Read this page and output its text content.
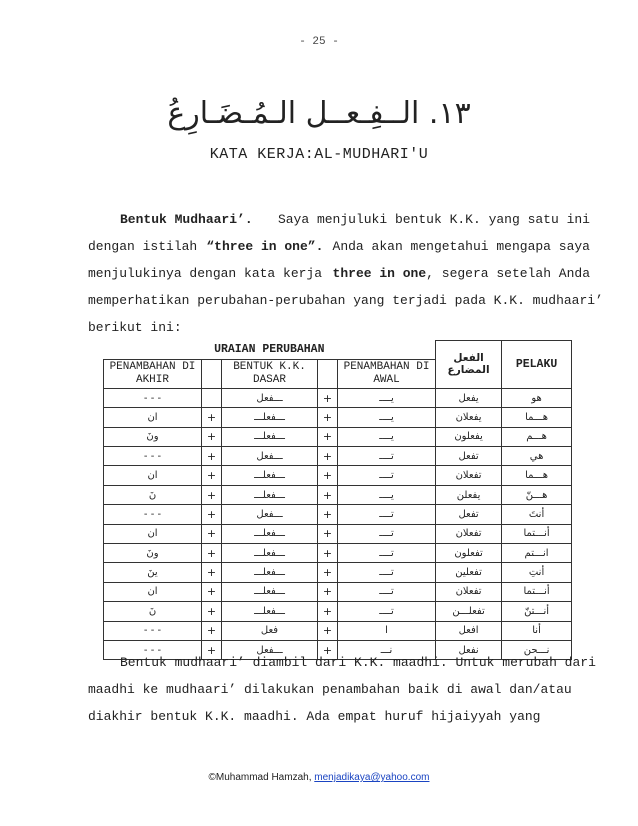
- 25 -
١٣. الــفِـعــل الـمُـضَـارِعُ
KATA KERJA:AL-MUDHARI'U
Bentuk Mudhaari’. Saya menjuluki bentuk K.K. yang satu ini
dengan istilah “three in one”. Anda akan mengetahui mengapa saya
menjulukinya dengan kata kerja three in one, segera setelah Anda
memperhatikan perubahan-perubahan yang terjadi pada K.K. mudhaari’
berikut ini:
URAIAN PERUBAHAN					الفعل المضارع	PELAKU
PENAMBAHAN DI AKHIR		BENTUK K.K. DASAR		PENAMBAHAN DI AWAL		
- - -		ـــفعل	+	يــــ	يفعل	هو
ان	+	ـــفعلـــ	+	يــــ	يفعلان	هـــما
ونَ	+	ـــفعلـــ	+	يــــ	يفعلون	هـــم
- - -	+	ـــفعل	+	تــــ	تفعل	هي
ان	+	ـــفعلـــ	+	تــــ	تفعلان	هـــما
نَ	+	ـــفعلـــ	+	يــــ	يفعلن	هـــنّ
- - -	+	ـــفعل	+	تــــ	تفعل	أنتَ
ان	+	ـــفعلـــ	+	تــــ	تفعلان	أنـــتما
ونَ	+	ـــفعلـــ	+	تــــ	تفعلون	انـــتم
ينَ	+	ـــفعلـــ	+	تــــ	تفعلين	أنتِ
ان	+	ـــفعلـــ	+	تــــ	تفعلان	أنـــتما
نَ	+	ـــفعلـــ	+	تــــ	تفعلـــن	أنـــتنّ
- - -	+	فعل	+	ا	افعل	أنا
- - -	+	ـــفعل	+	نـــ	نفعل	نـــحن
Bentuk mudhaari’ diambil dari K.K. maadhi. Untuk merubah dari
maadhi ke mudhaari’ dilakukan penambahan baik di awal dan/atau
diakhir bentuk K.K. maadhi. Ada empat huruf hijaiyyah yang
©Muhammad Hamzah, menjadikaya@yahoo.com
